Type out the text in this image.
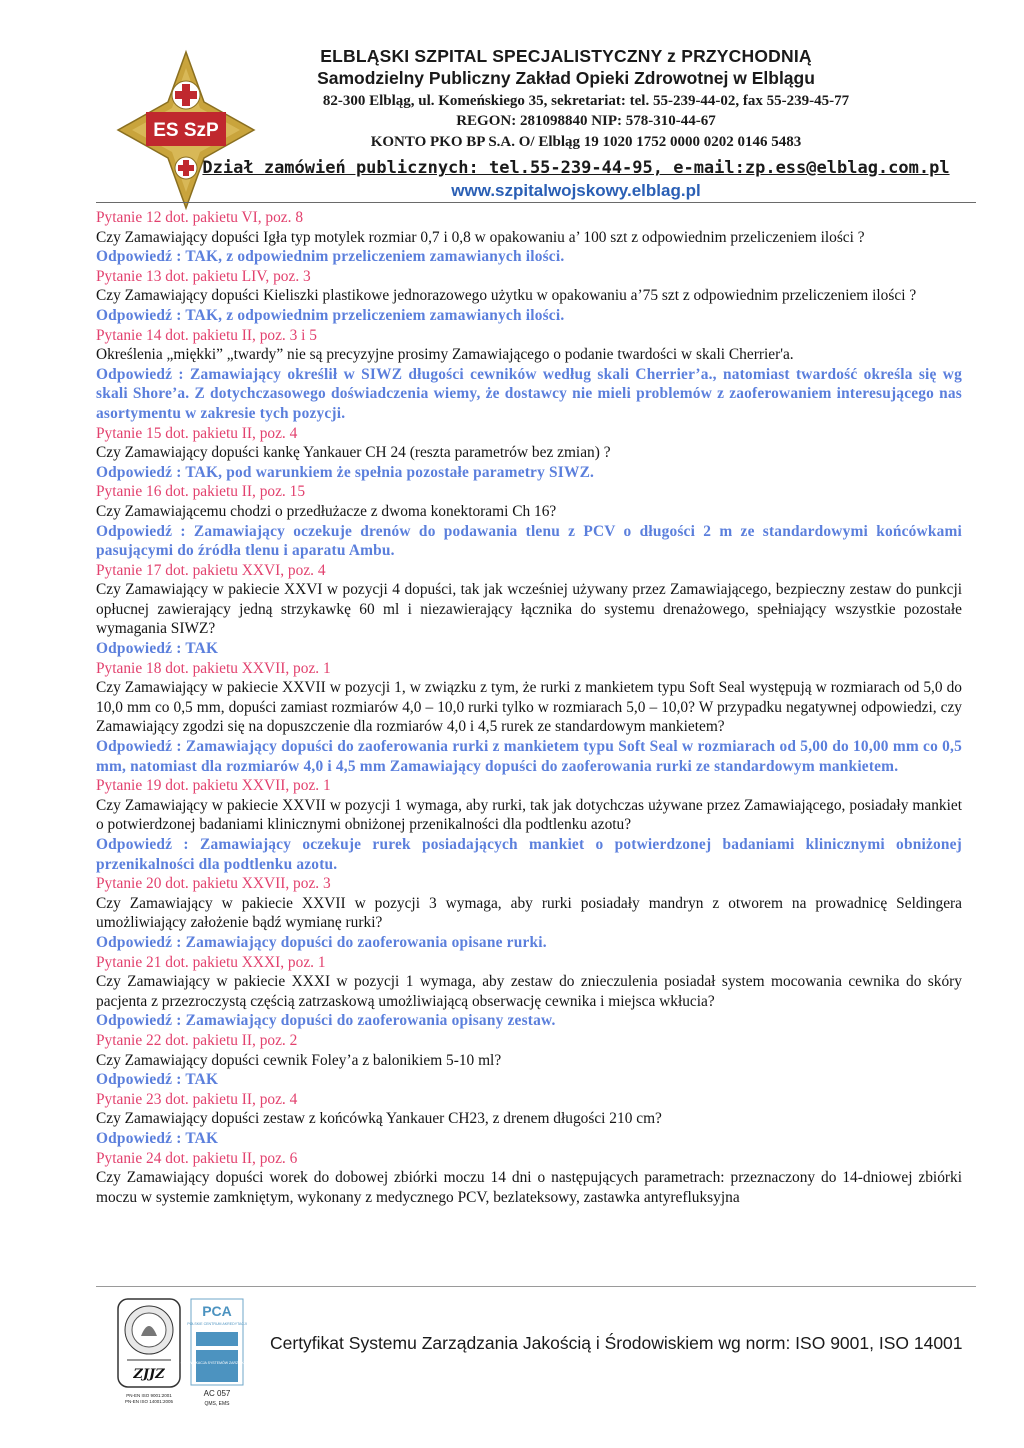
ES SzP
ELBLĄSKI SZPITAL SPECJALISTYCZNY z PRZYCHODNIĄ
Samodzielny Publiczny Zakład Opieki Zdrowotnej w Elblągu
82-300 Elbląg, ul. Komeńskiego 35, sekretariat: tel. 55-239-44-02, fax 55-239-45-77
REGON: 281098840 NIP: 578-310-44-67
KONTO PKO BP S.A. O/ Elbląg 19 1020 1752 0000 0202 0146 5483
Dział zamówień publicznych: tel.55-239-44-95, e-mail:zp.ess@elblag.com.pl
www.szpitalwojskowy.elblag.pl

Pytanie 12 dot. pakietu VI, poz. 8

Czy Zamawiający dopuści Igła typ motylek rozmiar 0,7 i 0,8 w opakowaniu a’ 100 szt z odpowiednim przeliczeniem ilości ?

Odpowiedź : TAK, z odpowiednim przeliczeniem zamawianych ilości.

Pytanie 13 dot. pakietu LIV, poz. 3

Czy Zamawiający dopuści Kieliszki plastikowe jednorazowego użytku w opakowaniu a’75 szt z odpowiednim przeliczeniem ilości ?

Odpowiedź : TAK, z odpowiednim przeliczeniem zamawianych ilości.

Pytanie 14 dot. pakietu II, poz. 3 i 5

Określenia „miękki” „twardy” nie są precyzyjne prosimy Zamawiającego o podanie twardości w skali Cherrier'a.

Odpowiedź : Zamawiający określił w SIWZ długości cewników według skali Cherrier’a., natomiast twardość określa się wg skali Shore’a. Z dotychczasowego doświadczenia wiemy, że dostawcy nie mieli problemów z zaoferowaniem interesującego nas asortymentu w zakresie tych pozycji.

Pytanie 15 dot. pakietu II, poz. 4

Czy Zamawiający dopuści kankę Yankauer CH 24 (reszta parametrów bez zmian) ?

Odpowiedź : TAK, pod warunkiem że spełnia pozostałe parametry SIWZ.

Pytanie 16 dot. pakietu II, poz. 15

Czy Zamawiającemu chodzi o przedłużacze z dwoma konektorami Ch 16?

Odpowiedź : Zamawiający oczekuje drenów do podawania tlenu z PCV o długości 2 m ze standardowymi końcówkami pasującymi do źródła tlenu i aparatu Ambu.

Pytanie 17 dot. pakietu XXVI, poz. 4

Czy Zamawiający w pakiecie XXVI w pozycji 4 dopuści, tak jak wcześniej używany przez Zamawiającego, bezpieczny zestaw do punkcji opłucnej zawierający jedną strzykawkę 60 ml i niezawierający łącznika do systemu drenażowego, spełniający wszystkie pozostałe wymagania SIWZ?

Odpowiedź : TAK

Pytanie 18 dot. pakietu XXVII, poz. 1

Czy Zamawiający w pakiecie XXVII w pozycji 1, w związku z tym, że rurki z mankietem typu Soft Seal występują w rozmiarach od 5,0 do 10,0 mm co 0,5 mm, dopuści zamiast rozmiarów 4,0 – 10,0 rurki tylko w rozmiarach 5,0 – 10,0? W przypadku negatywnej odpowiedzi, czy Zamawiający zgodzi się na dopuszczenie dla rozmiarów 4,0 i 4,5 rurek ze standardowym mankietem?

Odpowiedź : Zamawiający dopuści do zaoferowania rurki z mankietem typu Soft Seal w rozmiarach od 5,00 do 10,00 mm co 0,5 mm, natomiast dla rozmiarów 4,0 i 4,5 mm Zamawiający dopuści do zaoferowania rurki ze standardowym mankietem.

Pytanie 19 dot. pakietu XXVII, poz. 1

Czy Zamawiający w pakiecie XXVII w pozycji 1 wymaga, aby rurki, tak jak dotychczas używane przez Zamawiającego, posiadały mankiet o potwierdzonej badaniami klinicznymi obniżonej przenikalności dla podtlenku azotu?

Odpowiedź : Zamawiający oczekuje rurek posiadających mankiet o potwierdzonej badaniami klinicznymi obniżonej przenikalności dla podtlenku azotu.

Pytanie 20 dot. pakietu XXVII, poz. 3

Czy Zamawiający w pakiecie XXVII w pozycji 3 wymaga, aby rurki posiadały mandryn z otworem na prowadnicę Seldingera umożliwiający założenie bądź wymianę rurki?

Odpowiedź : Zamawiający dopuści do zaoferowania opisane rurki.

Pytanie 21 dot. pakietu XXXI, poz. 1

Czy Zamawiający w pakiecie XXXI w pozycji 1 wymaga, aby zestaw do znieczulenia posiadał system mocowania cewnika do skóry pacjenta z przezroczystą częścią zatrzaskową umożliwiającą obserwację cewnika i miejsca wkłucia?

Odpowiedź : Zamawiający dopuści do zaoferowania opisany zestaw.

Pytanie 22 dot. pakietu II, poz. 2

Czy Zamawiający dopuści cewnik Foley’a z balonikiem 5-10 ml?

Odpowiedź : TAK

Pytanie 23 dot. pakietu II, poz. 4

Czy Zamawiający dopuści zestaw z końcówką Yankauer CH23, z drenem długości 210 cm?

Odpowiedź : TAK

Pytanie 24 dot. pakietu II, poz. 6

Czy Zamawiający dopuści worek do dobowej zbiórki moczu 14 dni o następujących parametrach: przeznaczony do 14-dniowej zbiórki moczu w systemie zamkniętym, wykonany z medycznego PCV, bezlateksowy, zastawka antyrefluksyjna

ZJJZ
PN-EN ISO 9001:2001
PN-EN ISO 14001:2005
PCA
POLSKIE CENTRUM AKREDYTACJI
CERTYFIKACJA SYSTEMÓW ZARZĄDZANIA
AC 057
QMS, EMS
Certyfikat Systemu Zarządzania Jakością i Środowiskiem wg norm: ISO 9001, ISO 14001
